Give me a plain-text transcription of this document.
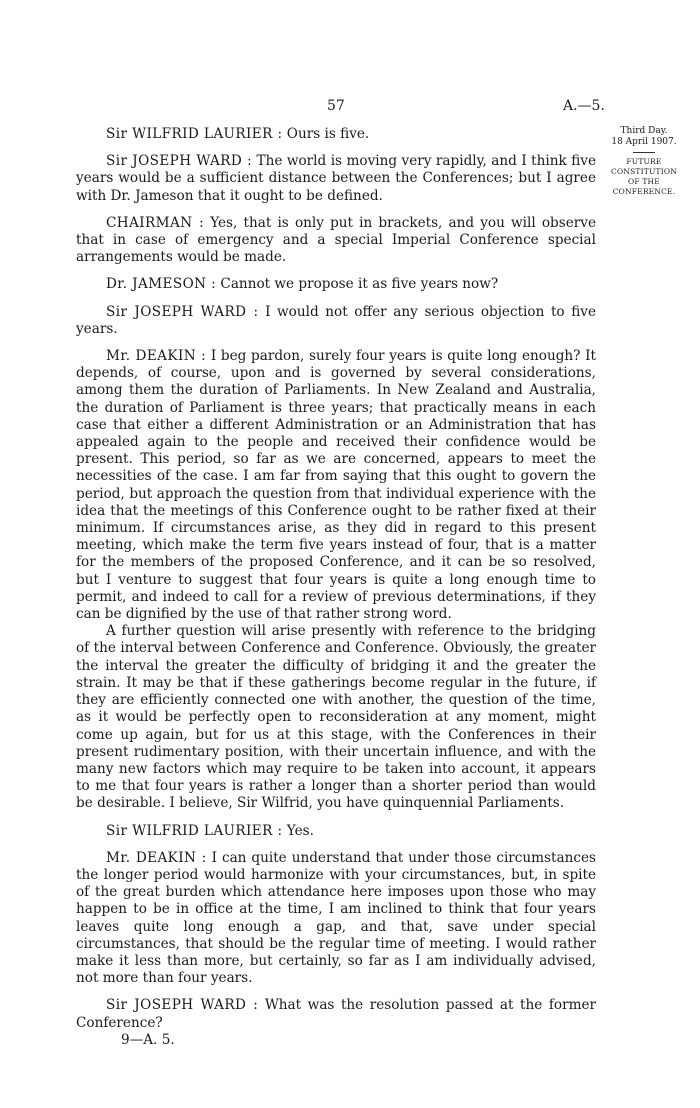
57	A.—5.
Third Day.
18 April 1907.
FUTURE
CONSTITUTION
OF THE
CONFERENCE.

Sir WILFRID LAURIER : Ours is five.

Sir JOSEPH WARD : The world is moving very rapidly, and I think five years would be a sufficient distance between the Conferences; but I agree with Dr. Jameson that it ought to be defined.

CHAIRMAN : Yes, that is only put in brackets, and you will observe that in case of emergency and a special Imperial Conference special arrangements would be made.

Dr. JAMESON : Cannot we propose it as five years now?

Sir JOSEPH WARD : I would not offer any serious objection to five years.

Mr. DEAKIN : I beg pardon, surely four years is quite long enough? It depends, of course, upon and is governed by several considerations, among them the duration of Parliaments. In New Zealand and Australia, the duration of Parliament is three years; that practically means in each case that either a different Administration or an Administration that has appealed again to the people and received their confidence would be present. This period, so far as we are concerned, appears to meet the necessities of the case. I am far from saying that this ought to govern the period, but approach the question from that individual experience with the idea that the meetings of this Conference ought to be rather fixed at their minimum. If circumstances arise, as they did in regard to this present meeting, which make the term five years instead of four, that is a matter for the members of the proposed Conference, and it can be so resolved, but I venture to suggest that four years is quite a long enough time to permit, and indeed to call for a review of previous determinations, if they can be dignified by the use of that rather strong word.

A further question will arise presently with reference to the bridging of the interval between Conference and Conference. Obviously, the greater the interval the greater the difficulty of bridging it and the greater the strain. It may be that if these gatherings become regular in the future, if they are efficiently connected one with another, the question of the time, as it would be perfectly open to reconsideration at any moment, might come up again, but for us at this stage, with the Conferences in their present rudimentary position, with their uncertain influence, and with the many new factors which may require to be taken into account, it appears to me that four years is rather a longer than a shorter period than would be desirable. I believe, Sir Wilfrid, you have quinquennial Parliaments.

Sir WILFRID LAURIER : Yes.

Mr. DEAKIN : I can quite understand that under those circumstances the longer period would harmonize with your circumstances, but, in spite of the great burden which attendance here imposes upon those who may happen to be in office at the time, I am inclined to think that four years leaves quite long enough a gap, and that, save under special circumstances, that should be the regular time of meeting. I would rather make it less than more, but certainly, so far as I am individually advised, not more than four years.

Sir JOSEPH WARD : What was the resolution passed at the former Conference?

9—A. 5.
